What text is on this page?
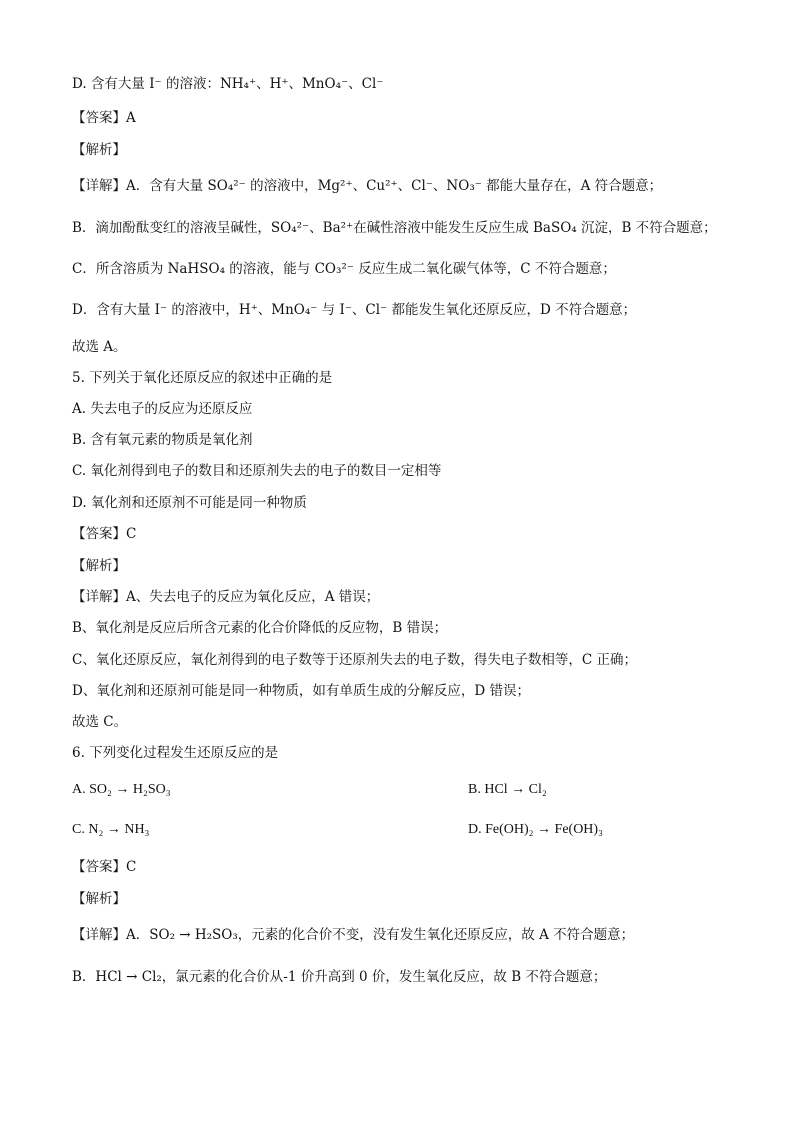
D. 含有大量 I⁻ 的溶液：NH₄⁺、H⁺、MnO₄⁻、Cl⁻
【答案】A
【解析】
【详解】A．含有大量 SO₄²⁻ 的溶液中，Mg²⁺、Cu²⁺、Cl⁻、NO₃⁻ 都能大量存在，A 符合题意；
B．滴加酚酞变红的溶液呈碱性，SO₄²⁻、Ba²⁺在碱性溶液中能发生反应生成 BaSO₄ 沉淀，B 不符合题意；
C．所含溶质为 NaHSO₄ 的溶液，能与 CO₃²⁻ 反应生成二氧化碳气体等，C 不符合题意；
D．含有大量 I⁻ 的溶液中，H⁺、MnO₄⁻ 与 I⁻、Cl⁻ 都能发生氧化还原反应，D 不符合题意；
故选 A。
5. 下列关于氧化还原反应的叙述中正确的是
A. 失去电子的反应为还原反应
B. 含有氧元素的物质是氧化剂
C. 氧化剂得到电子的数目和还原剂失去的电子的数目一定相等
D. 氧化剂和还原剂不可能是同一种物质
【答案】C
【解析】
【详解】A、失去电子的反应为氧化反应，A 错误；
B、氧化剂是反应后所含元素的化合价降低的反应物，B 错误；
C、氧化还原反应，氧化剂得到的电子数等于还原剂失去的电子数，得失电子数相等，C 正确；
D、氧化剂和还原剂可能是同一种物质，如有单质生成的分解反应，D 错误；
故选 C。
6. 下列变化过程发生还原反应的是
A. SO₂ → H₂SO₃	B. HCl → Cl₂
C. N₂ → NH₃	D. Fe(OH)₂ → Fe(OH)₃
【答案】C
【解析】
【详解】A．SO₂ → H₂SO₃，元素的化合价不变，没有发生氧化还原反应，故 A 不符合题意；
B．HCl → Cl₂，氯元素的化合价从-1 价升高到 0 价，发生氧化反应，故 B 不符合题意；
